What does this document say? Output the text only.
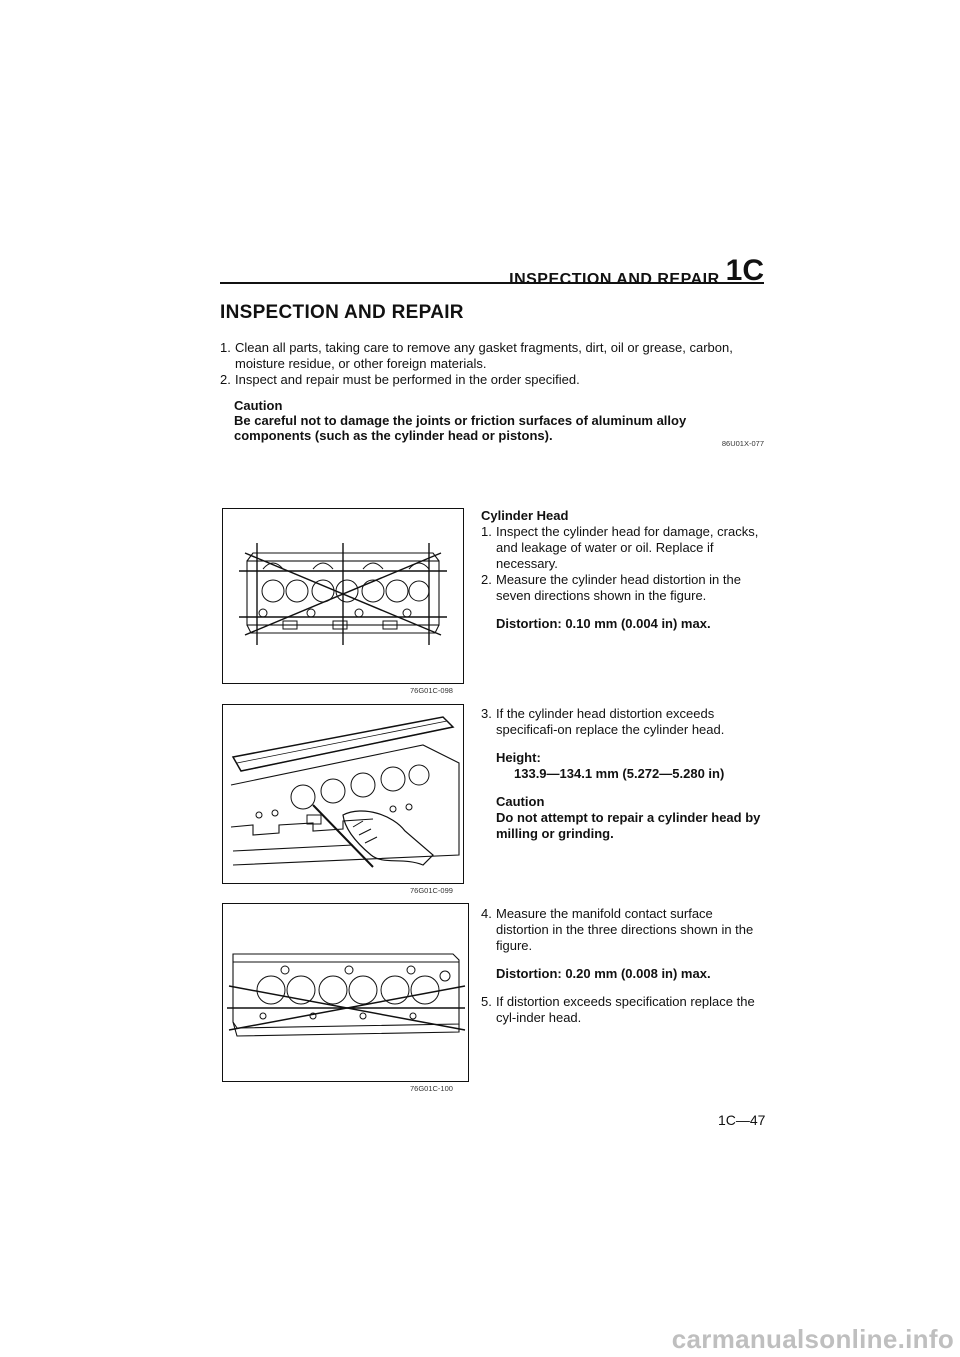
INSPECTION AND REPAIR 1C
INSPECTION AND REPAIR

1. Clean all parts, taking care to remove any gasket fragments, dirt, oil or grease, carbon, moisture residue, or other foreign materials.

2. Inspect and repair must be performed in the order specified.

Caution
Be careful not to damage the joints or friction surfaces of aluminum alloy components (such as the cylinder head or pistons).
86U01X-077
76G01C-098
76G01C-099
76G01C-100
Cylinder Head

1. Inspect the cylinder head for damage, cracks, and leakage of water or oil. Replace if necessary.

2. Measure the cylinder head distortion in the seven directions shown in the figure.

Distortion: 0.10 mm (0.004 in) max.

3. If the cylinder head distortion exceeds specificafi-on replace the cylinder head.

Height:
133.9—134.1 mm (5.272—5.280 in)
Caution
Do not attempt to repair a cylinder head by milling or grinding.

4. Measure the manifold contact surface distortion in the three directions shown in the figure.

Distortion: 0.20 mm (0.008 in) max.

5. If distortion exceeds specification replace the cyl-inder head.

1C—47
carmanualsonline.info
